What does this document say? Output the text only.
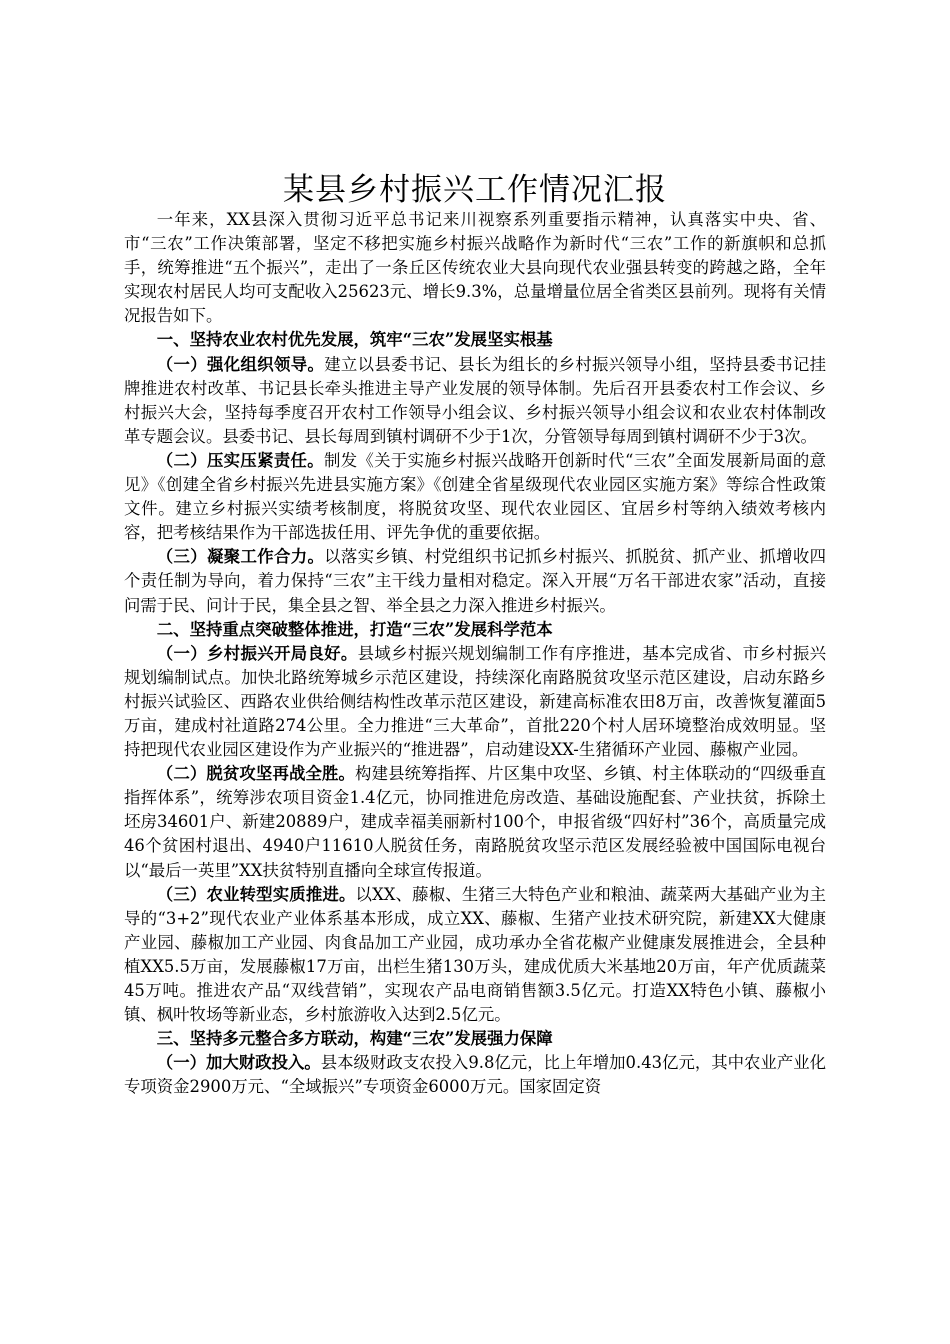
某县乡村振兴工作情况汇报

一年来，XX县深入贯彻习近平总书记来川视察系列重要指示精神，认真落实中央、省、市“三农”工作决策部署，坚定不移把实施乡村振兴战略作为新时代“三农”工作的新旗帜和总抓手，统筹推进“五个振兴”，走出了一条丘区传统农业大县向现代农业强县转变的跨越之路，全年实现农村居民人均可支配收入25623元、增长9.3%，总量增量位居全省类区县前列。现将有关情况报告如下。

一、坚持农业农村优先发展，筑牢“三农”发展坚实根基

（一）强化组织领导。建立以县委书记、县长为组长的乡村振兴领导小组，坚持县委书记挂牌推进农村改革、书记县长牵头推进主导产业发展的领导体制。先后召开县委农村工作会议、乡村振兴大会，坚持每季度召开农村工作领导小组会议、乡村振兴领导小组会议和农业农村体制改革专题会议。县委书记、县长每周到镇村调研不少于1次，分管领导每周到镇村调研不少于3次。

（二）压实压紧责任。制发《关于实施乡村振兴战略开创新时代“三农”全面发展新局面的意见》《创建全省乡村振兴先进县实施方案》《创建全省星级现代农业园区实施方案》等综合性政策文件。建立乡村振兴实绩考核制度，将脱贫攻坚、现代农业园区、宜居乡村等纳入绩效考核内容，把考核结果作为干部选拔任用、评先争优的重要依据。

（三）凝聚工作合力。以落实乡镇、村党组织书记抓乡村振兴、抓脱贫、抓产业、抓增收四个责任制为导向，着力保持“三农”主干线力量相对稳定。深入开展“万名干部进农家”活动，直接问需于民、问计于民，集全县之智、举全县之力深入推进乡村振兴。

二、坚持重点突破整体推进，打造“三农”发展科学范本

（一）乡村振兴开局良好。县域乡村振兴规划编制工作有序推进，基本完成省、市乡村振兴规划编制试点。加快北路统筹城乡示范区建设，持续深化南路脱贫攻坚示范区建设，启动东路乡村振兴试验区、西路农业供给侧结构性改革示范区建设，新建高标准农田8万亩，改善恢复灌面5万亩，建成村社道路274公里。全力推进“三大革命”，首批220个村人居环境整治成效明显。坚持把现代农业园区建设作为产业振兴的“推进器”，启动建设XX-生猪循环产业园、藤椒产业园。

（二）脱贫攻坚再战全胜。构建县统筹指挥、片区集中攻坚、乡镇、村主体联动的“四级垂直指挥体系”，统筹涉农项目资金1.4亿元，协同推进危房改造、基础设施配套、产业扶贫，拆除土坯房34601户、新建20889户，建成幸福美丽新村100个，申报省级“四好村”36个，高质量完成46个贫困村退出、4940户11610人脱贫任务，南路脱贫攻坚示范区发展经验被中国国际电视台以“最后一英里”XX扶贫特别直播向全球宣传报道。

（三）农业转型实质推进。以XX、藤椒、生猪三大特色产业和粮油、蔬菜两大基础产业为主导的“3+2”现代农业产业体系基本形成，成立XX、藤椒、生猪产业技术研究院，新建XX大健康产业园、藤椒加工产业园、肉食品加工产业园，成功承办全省花椒产业健康发展推进会，全县种植XX5.5万亩，发展藤椒17万亩，出栏生猪130万头，建成优质大米基地20万亩，年产优质蔬菜45万吨。推进农产品“双线营销”，实现农产品电商销售额3.5亿元。打造XX特色小镇、藤椒小镇、枫叶牧场等新业态，乡村旅游收入达到2.5亿元。

三、坚持多元整合多方联动，构建“三农”发展强力保障

（一）加大财政投入。县本级财政支农投入9.8亿元，比上年增加0.43亿元，其中农业产业化专项资金2900万元、“全域振兴”专项资金6000万元。国家固定资
